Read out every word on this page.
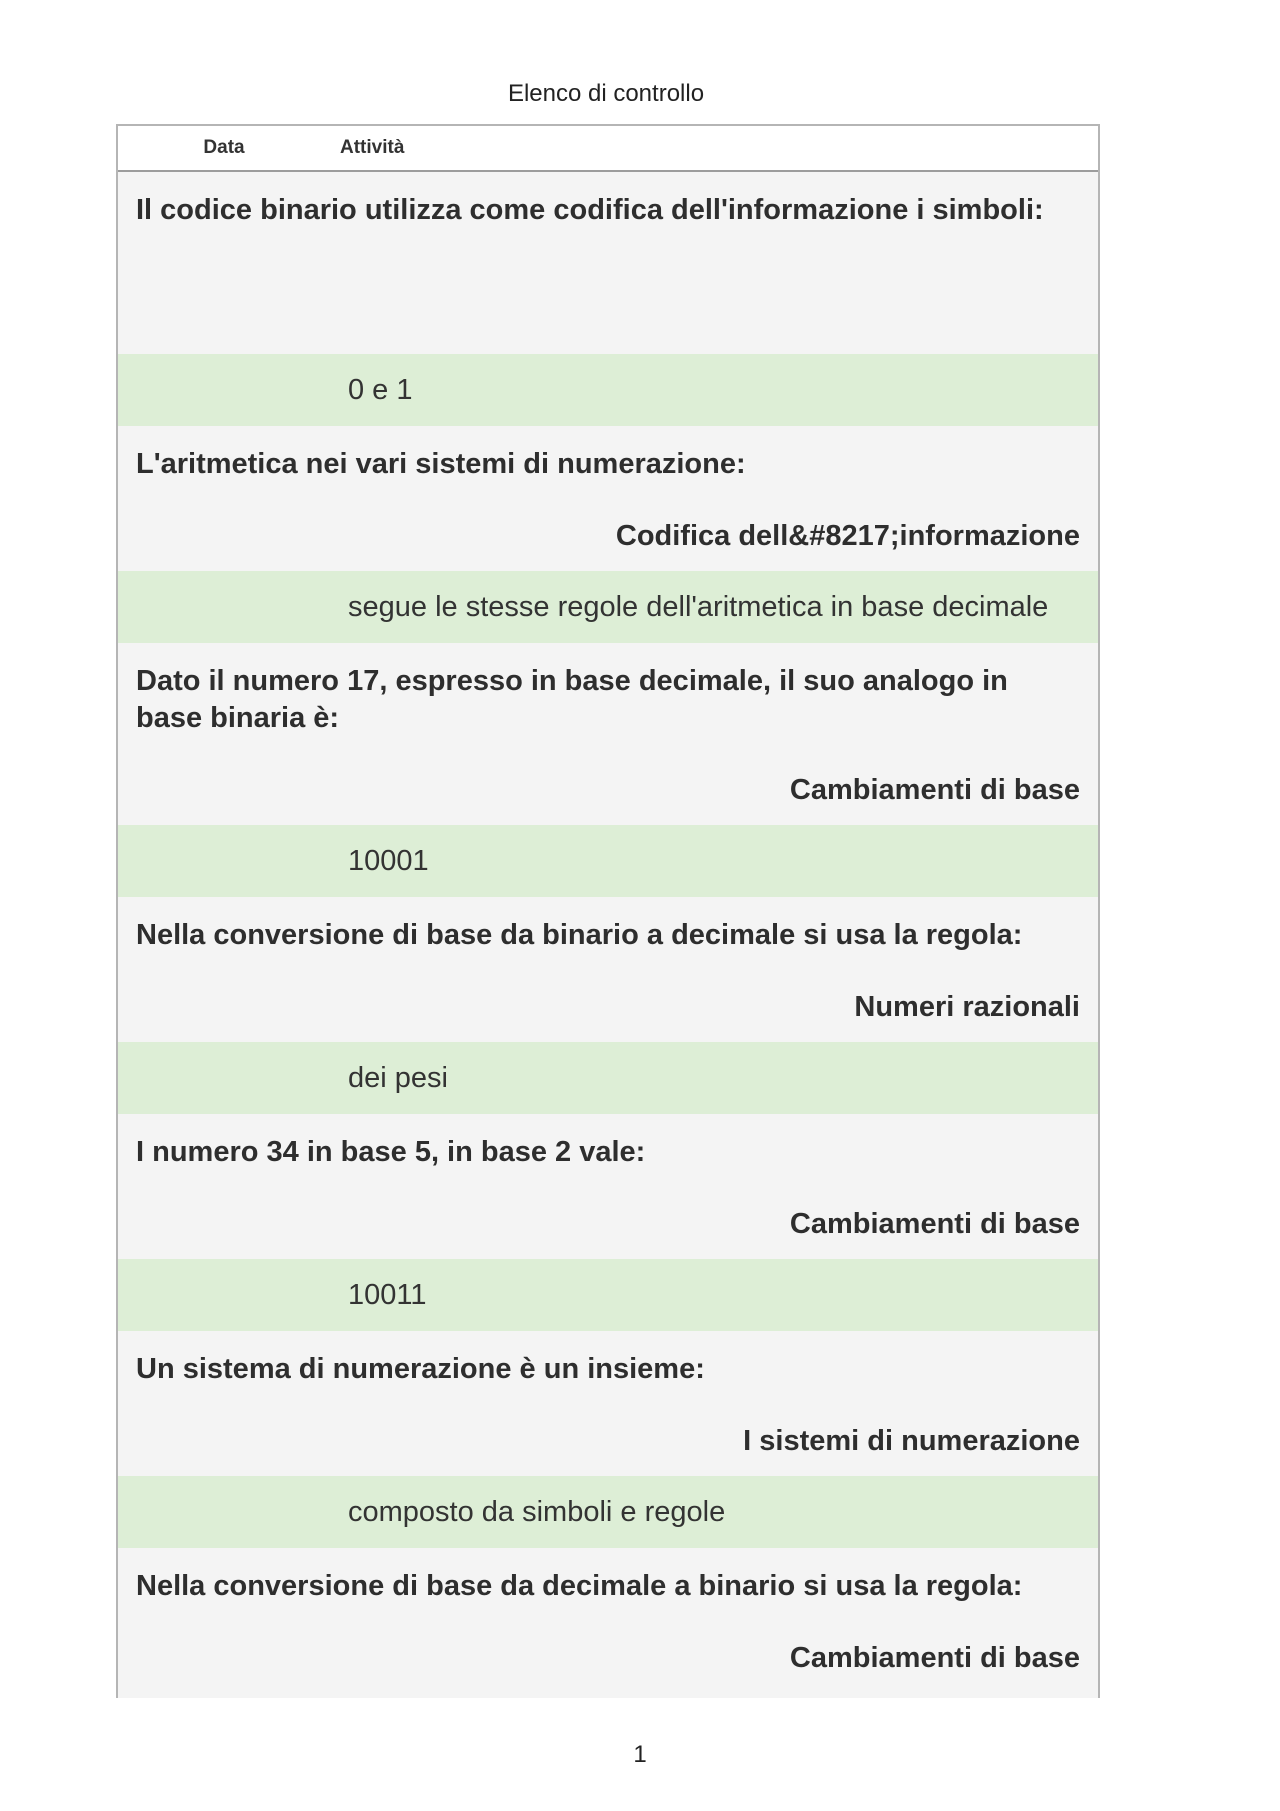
Elenco di controllo
Data	Attività
Il codice binario utilizza come codifica dell'informazione i simboli:
0 e 1
L'aritmetica nei vari sistemi di numerazione:
Codifica dell&#8217;informazione
segue le stesse regole dell'aritmetica in base decimale
Dato il numero 17, espresso in base decimale, il suo analogo in base binaria è:
Cambiamenti di base
10001
Nella conversione di base da binario a decimale si usa la regola:
Numeri razionali
dei pesi
I numero 34 in base 5, in base 2 vale:
Cambiamenti di base
10011
Un sistema di numerazione è un insieme:
I sistemi di numerazione
composto da simboli e regole
Nella conversione di base da decimale a binario si usa la regola:
Cambiamenti di base
1
